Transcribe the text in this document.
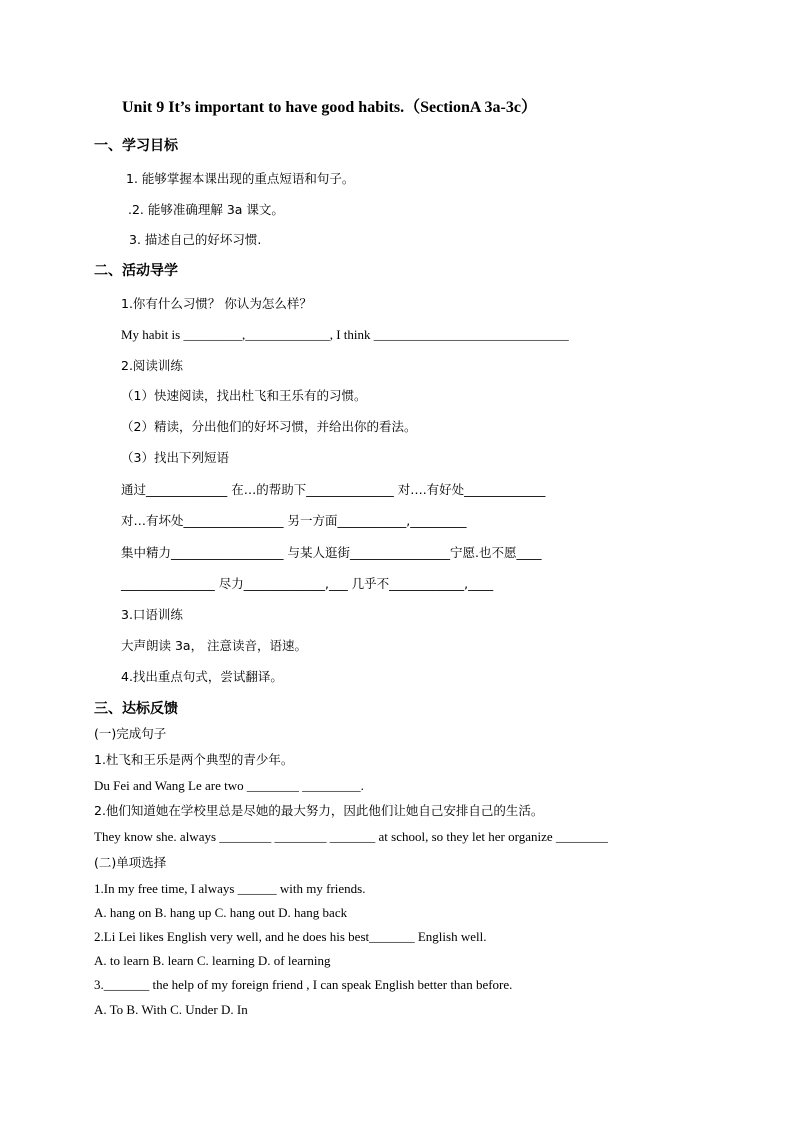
Unit 9 It’s important to have good habits.（SectionA 3a-3c）
一、学习目标
1. 能够掌握本课出现的重点短语和句子。
.2. 能够准确理解 3a 课文。
3. 描述自己的好坏习惯.
二、活动导学
1.你有什么习惯？ 你认为怎么样？
My habit is _________,_____________, I think ______________________________
2.阅读训练
（1）快速阅读，找出杜飞和王乐有的习惯。
（2）精读，分出他们的好坏习惯，并给出你的看法。
（3）找出下列短语
通过_____________ 在…的帮助下______________ 对….有好处_____________
对…有坏处________________ 另一方面___________,_________
集中精力__________________ 与某人逛街________________宁愿.也不愿____
_______________ 尽力_____________,___ 几乎不____________,____
3.口语训练
大声朗读 3a， 注意读音，语速。
4.找出重点句式，尝试翻译。
三、达标反馈
(一)完成句子
1.杜飞和王乐是两个典型的青少年。
Du Fei and Wang Le are two ________ _________.
2.他们知道她在学校里总是尽她的最大努力，因此他们让她自己安排自己的生活。
They know she. always ________ ________ _______ at school, so they let her organize ________
(二)单项选择
1.In my free time, I always ______ with my friends.
A. hang on B. hang up C. hang out D. hang back
2.Li Lei likes English very well, and he does his best_______ English well.
A. to learn B. learn C. learning D. of learning
3._______ the help of my foreign friend , I can speak English better than before.
A. To B. With C. Under D. In
